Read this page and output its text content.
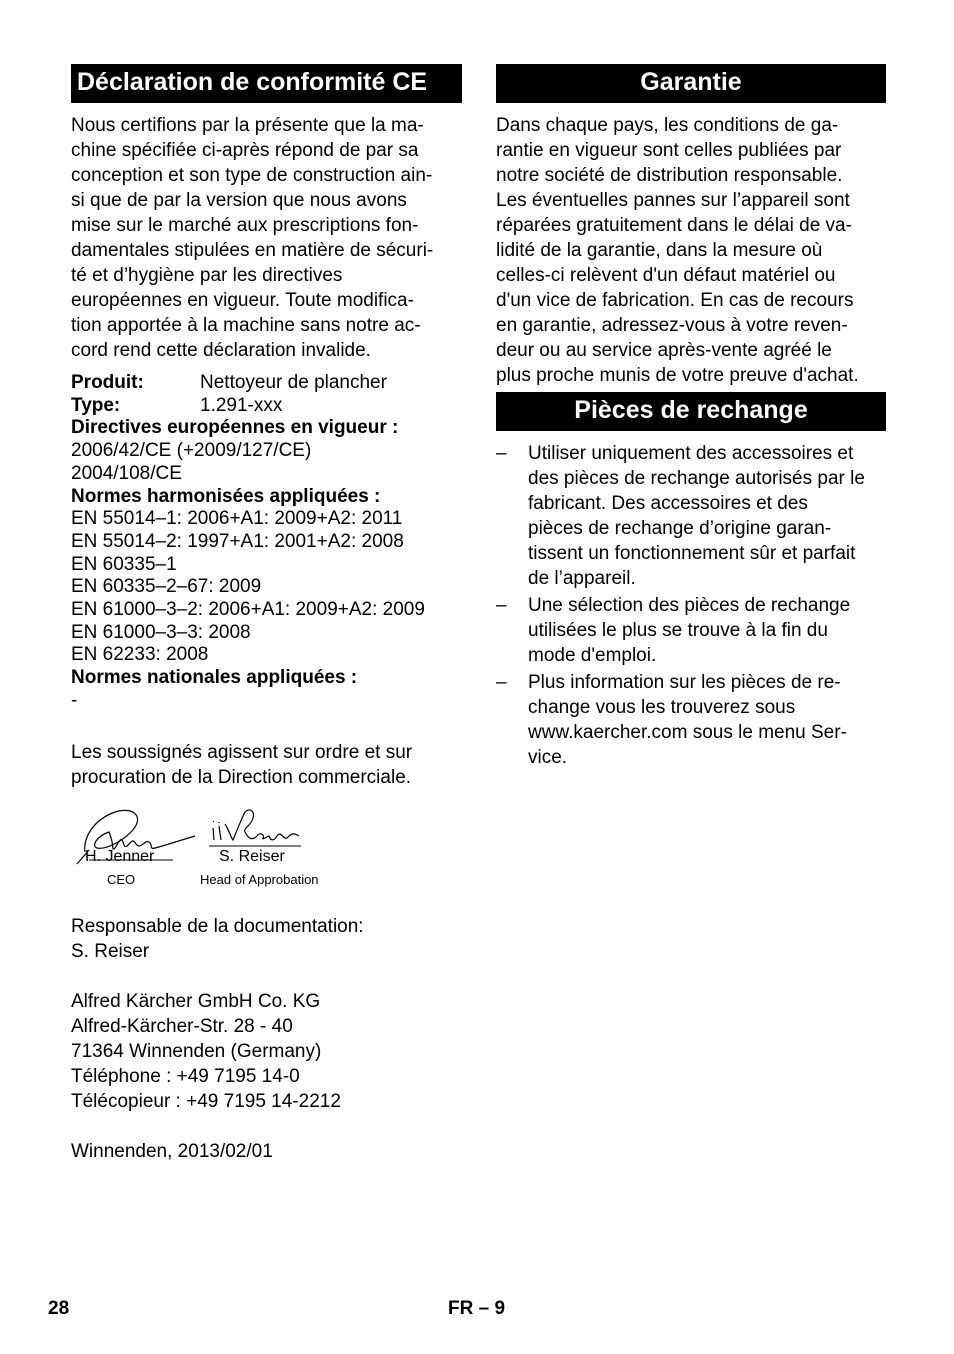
Déclaration de conformité CE
Nous certifions par la présente que la ma-
chine spécifiée ci-après répond de par sa
conception et son type de construction ain-
si que de par la version que nous avons
mise sur le marché aux prescriptions fon-
damentales stipulées en matière de sécuri-
té et d’hygiène par les directives
européennes en vigueur. Toute modifica-
tion apportée à la machine sans notre ac-
cord rend cette déclaration invalide.
Produit:	Nettoyeur de plancher
Type:	1.291-xxx
Directives européennes en vigueur :
2006/42/CE (+2009/127/CE)
2004/108/CE
Normes harmonisées appliquées :
EN 55014–1: 2006+A1: 2009+A2: 2011
EN 55014–2: 1997+A1: 2001+A2: 2008
EN 60335–1
EN 60335–2–67: 2009
EN 61000–3–2: 2006+A1: 2009+A2: 2009
EN 61000–3–3: 2008
EN 62233: 2008
Normes nationales appliquées :
-
Les soussignés agissent sur ordre et sur
procuration de la Direction commerciale.
H. Jenner
CEO
S. Reiser
Head of Approbation
Responsable de la documentation:
S. Reiser
Alfred Kärcher GmbH Co. KG
Alfred-Kärcher-Str. 28 - 40
71364 Winnenden (Germany)
Téléphone : +49 7195 14-0
Télécopieur : +49 7195 14-2212
Winnenden, 2013/02/01
Garantie
Dans chaque pays, les conditions de ga-
rantie en vigueur sont celles publiées par
notre société de distribution responsable.
Les éventuelles pannes sur l’appareil sont
réparées gratuitement dans le délai de va-
lidité de la garantie, dans la mesure où
celles-ci relèvent d'un défaut matériel ou
d'un vice de fabrication. En cas de recours
en garantie, adressez-vous à votre reven-
deur ou au service après-vente agréé le
plus proche munis de votre preuve d'achat.
Pièces de rechange
– Utiliser uniquement des accessoires et
des pièces de rechange autorisés par le
fabricant. Des accessoires et des
pièces de rechange d’origine garan-
tissent un fonctionnement sûr et parfait
de l’appareil.
– Une sélection des pièces de rechange
utilisées le plus se trouve à la fin du
mode d'emploi.
– Plus information sur les pièces de re-
change vous les trouverez sous
www.kaercher.com sous le menu Ser-
vice.
28	FR – 9
